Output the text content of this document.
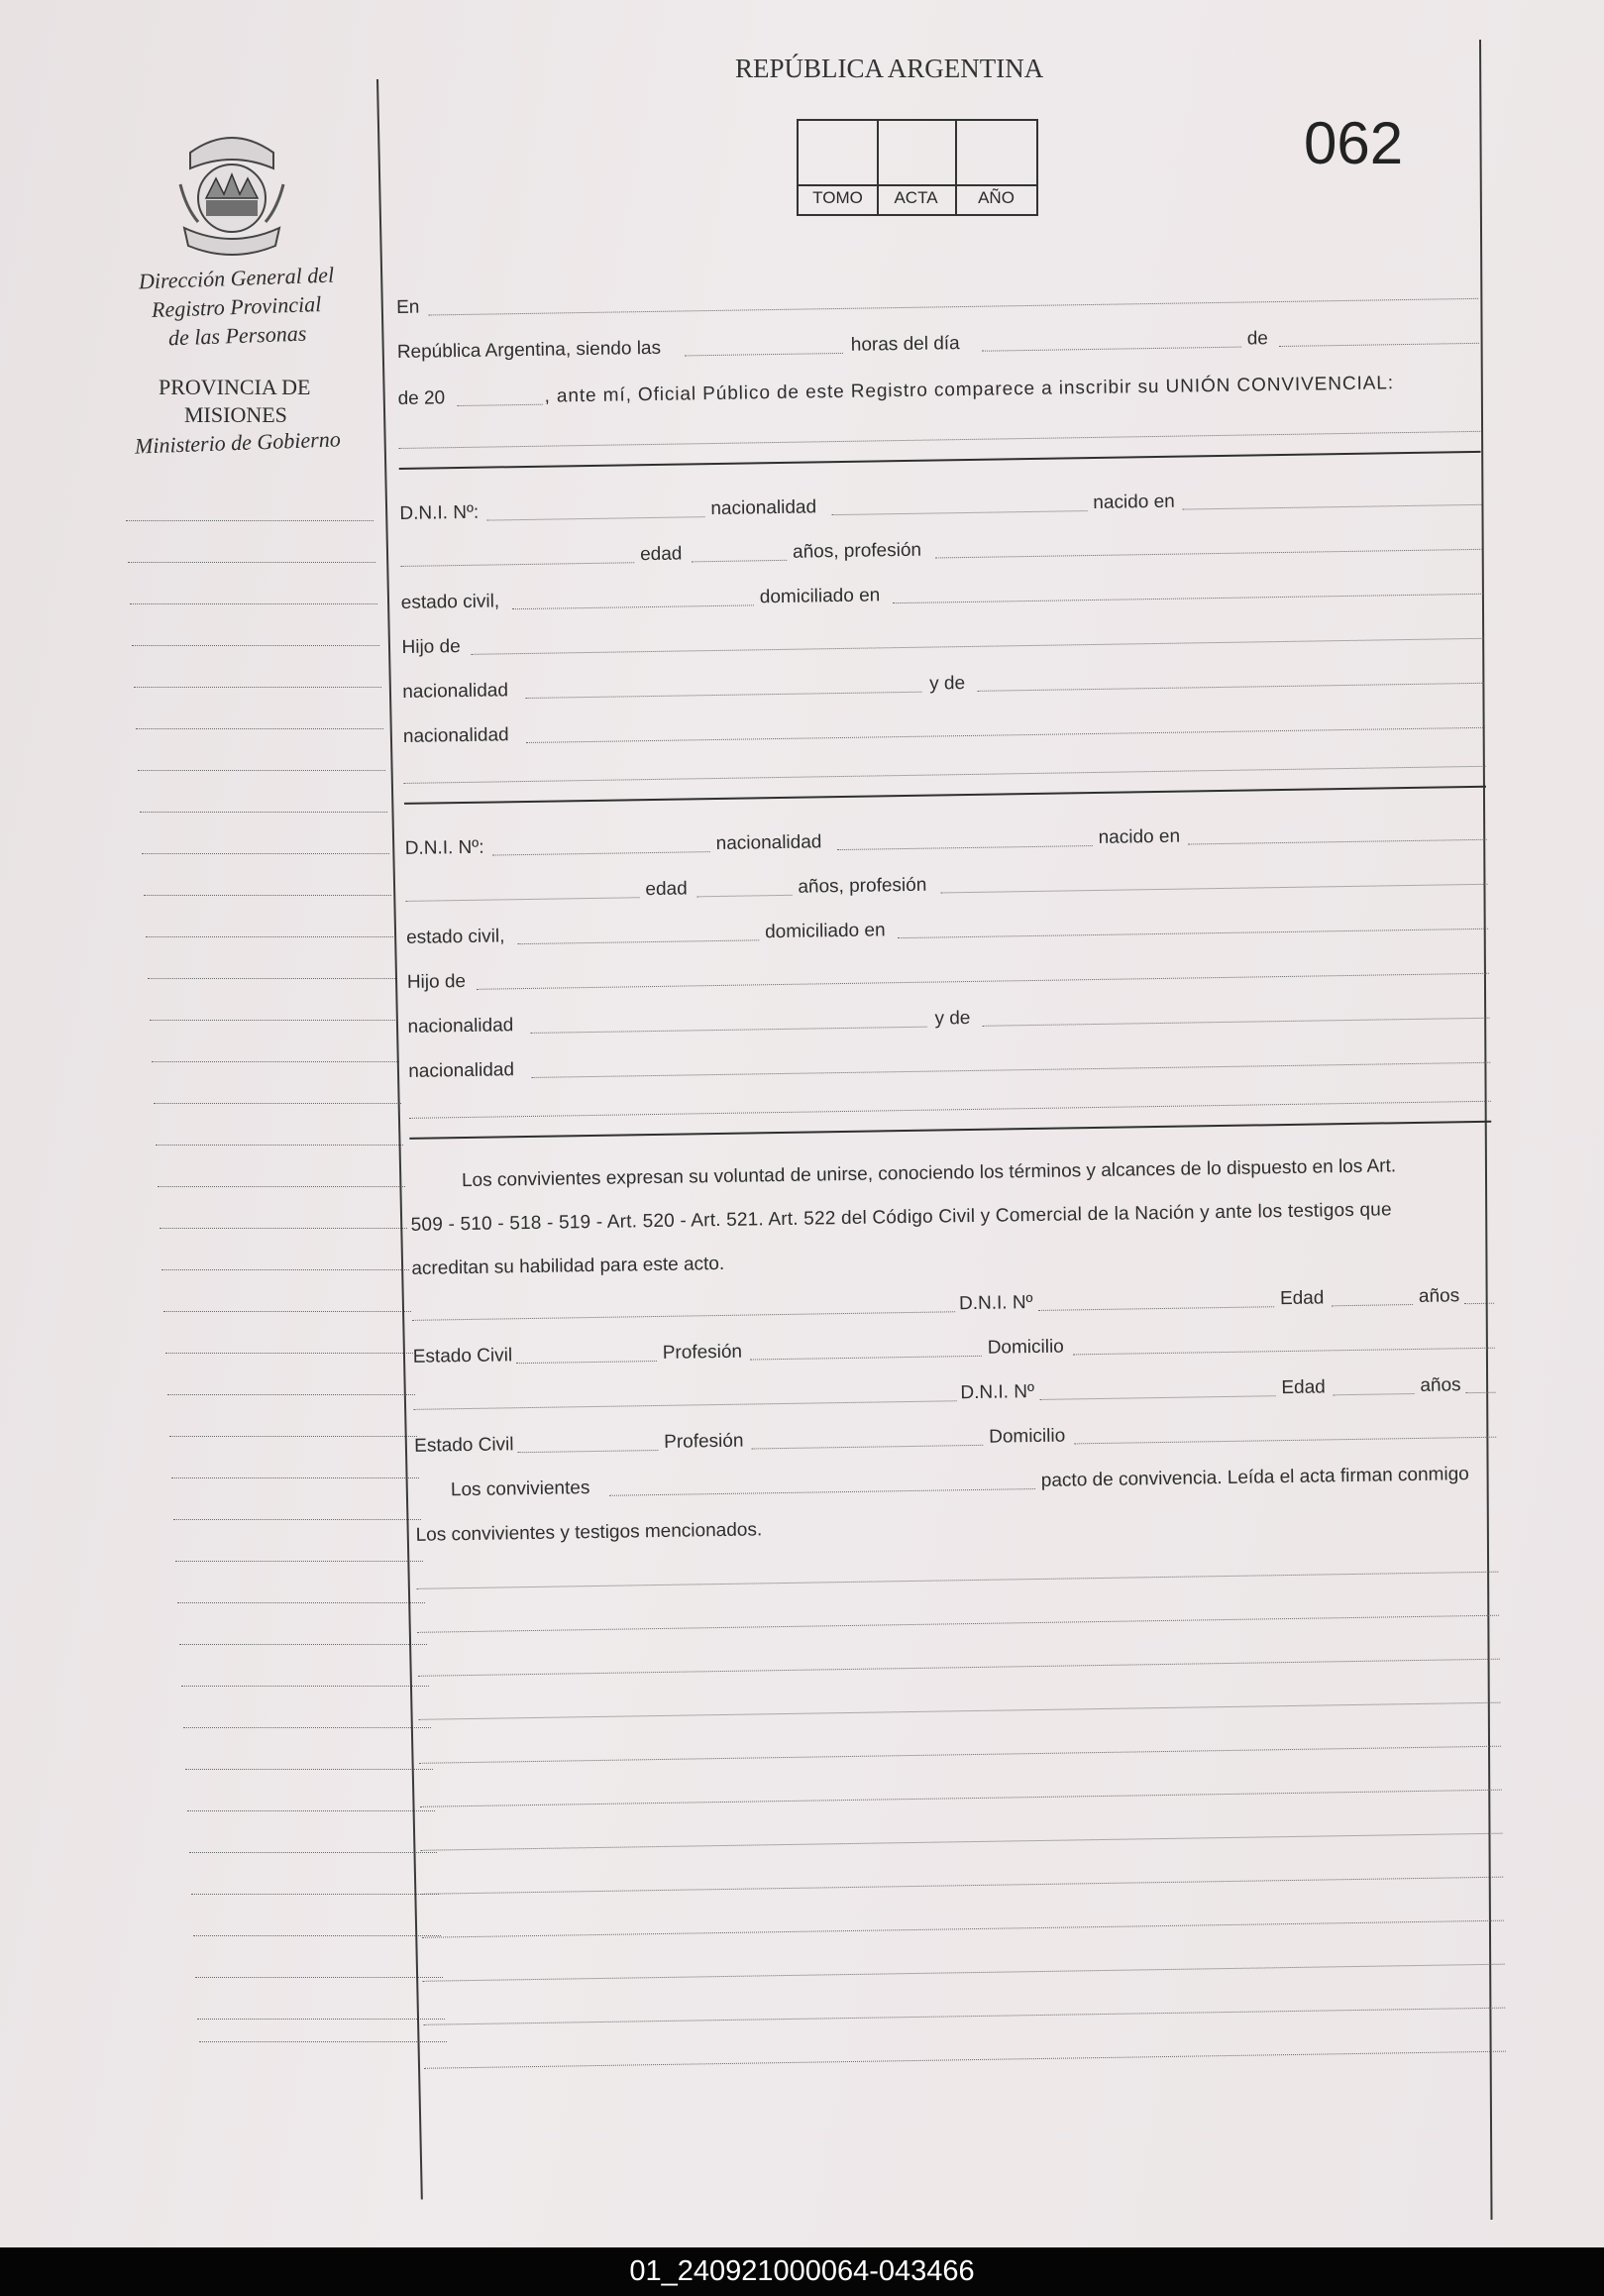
REPÚBLICA ARGENTINA
062
TOMO	ACTA	AÑO
Dirección General del
Registro Provincial
de las Personas
PROVINCIA DE
MISIONES
Ministerio de Gobierno
En
República Argentina, siendo las	horas del día	de
de 20	, ante mí, Oficial Público de este Registro comparece a inscribir su UNIÓN CONVIVENCIAL:
D.N.I. Nº:	nacionalidad	nacido en
edad	años, profesión
estado civil,	domiciliado en
Hijo de
nacionalidad	y de
nacionalidad
D.N.I. Nº:	nacionalidad	nacido en
edad	años, profesión
estado civil,	domiciliado en
Hijo de
nacionalidad	y de
nacionalidad
Los convivientes expresan su voluntad de unirse, conociendo los términos y alcances de lo dispuesto en los Art.
509 - 510 - 518 - 519 - Art. 520 - Art. 521. Art. 522 del Código Civil y Comercial de la Nación y ante los testigos que
acreditan su habilidad para este acto.
D.N.I. Nº	Edad	años
Estado Civil	Profesión	Domicilio
D.N.I. Nº	Edad	años
Estado Civil	Profesión	Domicilio
Los convivientes	pacto de convivencia. Leída el acta firman conmigo
Los convivientes y testigos mencionados.
01_240921000064-043466
